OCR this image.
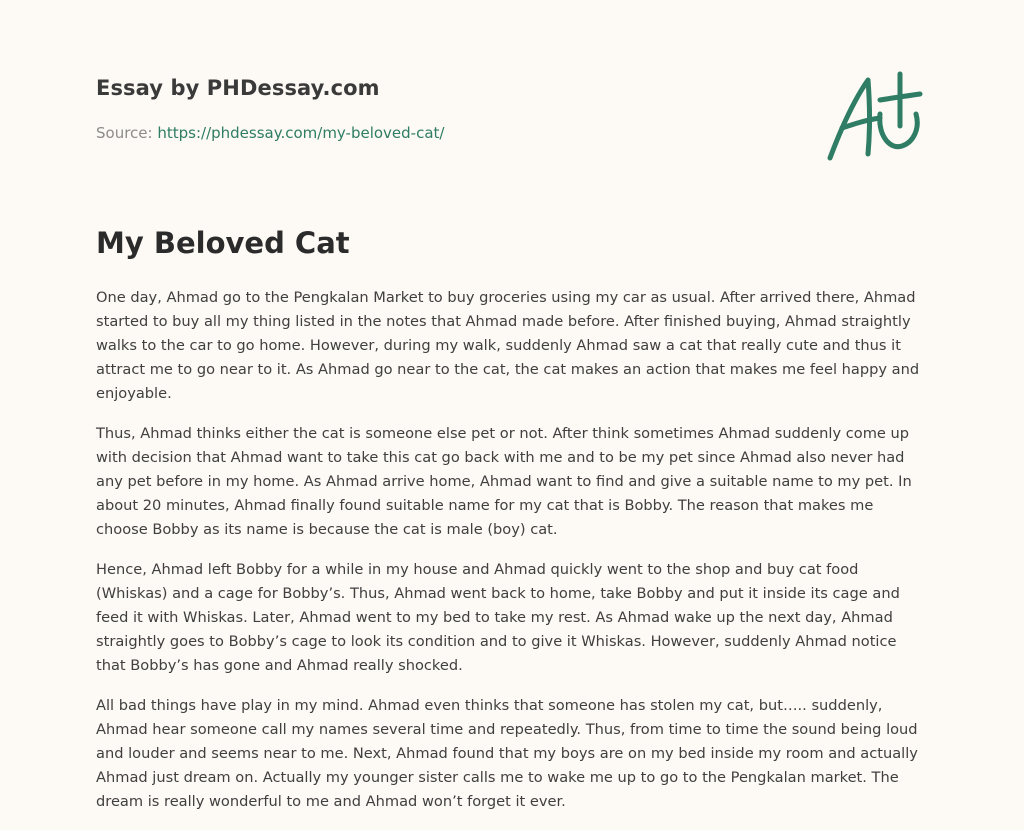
Essay by PHDessay.com
Source: https://phdessay.com/my-beloved-cat/
My Beloved Cat

One day, Ahmad go to the Pengkalan Market to buy groceries using my car as usual. After arrived there, Ahmad started to buy all my thing listed in the notes that Ahmad made before. After finished buying, Ahmad straightly walks to the car to go home. However, during my walk, suddenly Ahmad saw a cat that really cute and thus it attract me to go near to it. As Ahmad go near to the cat, the cat makes an action that makes me feel happy and enjoyable.

Thus, Ahmad thinks either the cat is someone else pet or not. After think sometimes Ahmad suddenly come up with decision that Ahmad want to take this cat go back with me and to be my pet since Ahmad also never had any pet before in my home. As Ahmad arrive home, Ahmad want to find and give a suitable name to my pet. In about 20 minutes, Ahmad finally found suitable name for my cat that is Bobby. The reason that makes me choose Bobby as its name is because the cat is male (boy) cat.

Hence, Ahmad left Bobby for a while in my house and Ahmad quickly went to the shop and buy cat food (Whiskas) and a cage for Bobby’s. Thus, Ahmad went back to home, take Bobby and put it inside its cage and feed it with Whiskas. Later, Ahmad went to my bed to take my rest. As Ahmad wake up the next day, Ahmad straightly goes to Bobby’s cage to look its condition and to give it Whiskas. However, suddenly Ahmad notice that Bobby’s has gone and Ahmad really shocked.

All bad things have play in my mind. Ahmad even thinks that someone has stolen my cat, but….. suddenly, Ahmad hear someone call my names several time and repeatedly. Thus, from time to time the sound being loud and louder and seems near to me. Next, Ahmad found that my boys are on my bed inside my room and actually Ahmad just dream on. Actually my younger sister calls me to wake me up to go to the Pengkalan market. The dream is really wonderful to me and Ahmad won’t forget it ever.
